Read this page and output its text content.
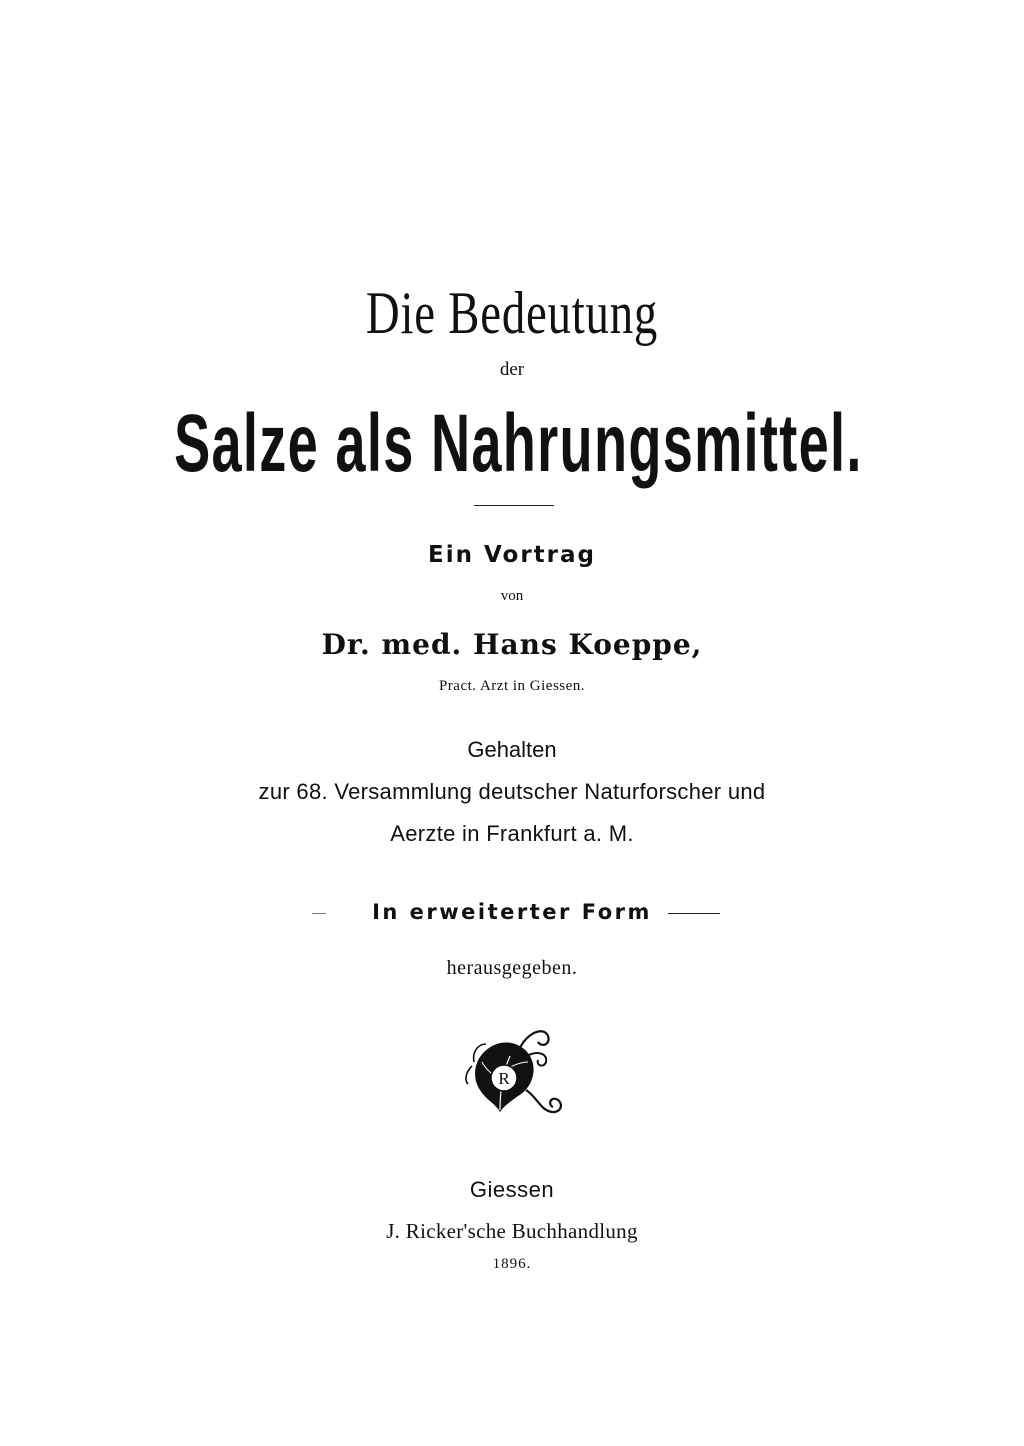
Die Bedeutung
der
Salze als Nahrungsmittel.
Ein Vortrag
von
Dr. med. Hans Koeppe,
Pract. Arzt in Giessen.
Gehalten
zur 68. Versammlung deutscher Naturforscher und
Aerzte in Frankfurt a. M.
In erweiterter Form
herausgegeben.
R
Giessen
J. Ricker'sche Buchhandlung
1896.
